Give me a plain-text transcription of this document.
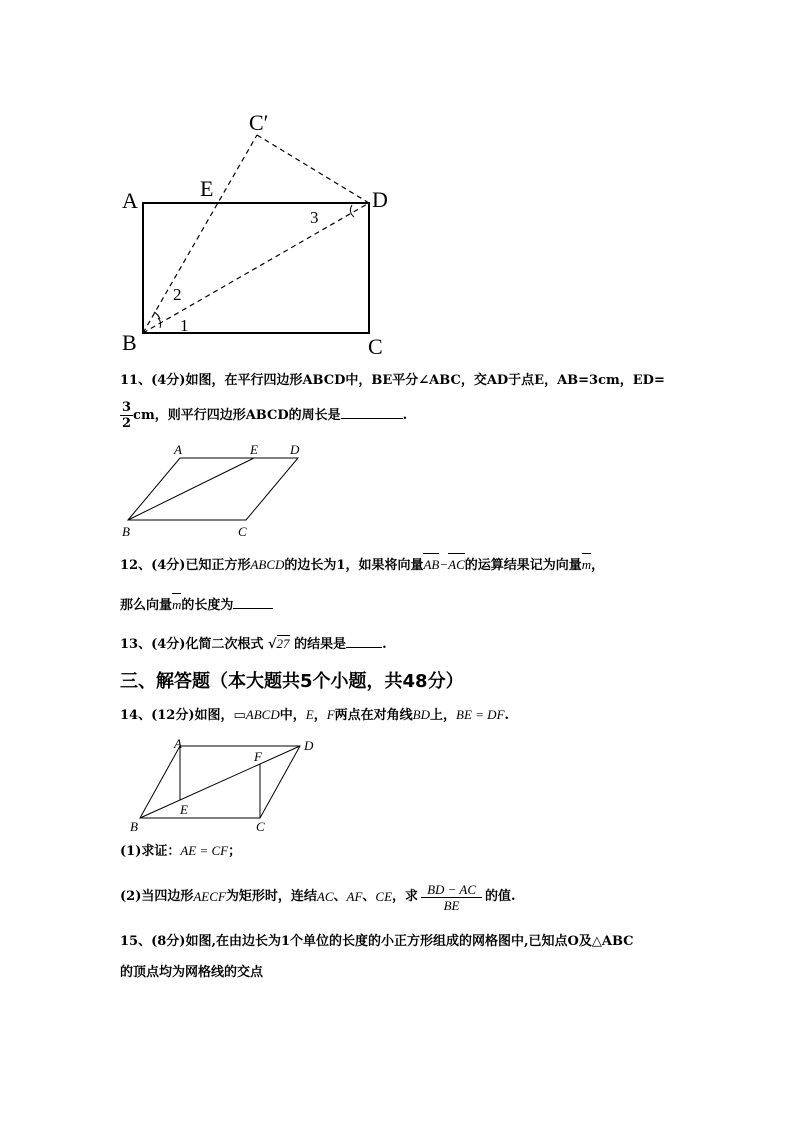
A	E
C′
D
B	C
1
2
3
11、(4分)如图，在平行四边形ABCD中，BE平分∠ABC，交AD于点E，AB=3cm，ED=
$\frac{3}{2}$ cm，则平行四边形ABCD的周长是	.
A	E D
B	C
12、(4分)已知正方形ABCD的边长为1，如果将向量AB−AC的运算结果记为向量m，
那么向量m的长度为
13、(4分)化简二次根式 √27 的结果是	.
三、解答题（本大题共5个小题，共48分）
14、(12分)如图，▭ABCD中，E，F两点在对角线BD上，BE = DF.
A	D
F
E
B	C
(1)求证：AE = CF；
(2)当四边形 AECF 为矩形时，连结 AC 、 AF 、 CE ，求 $\frac{BD - AC}{BE}$ 的值.
15、(8分)如图,在由边长为1个单位的长度的小正方形组成的网格图中,已知点O及△ABC
的顶点均为网格线的交点
